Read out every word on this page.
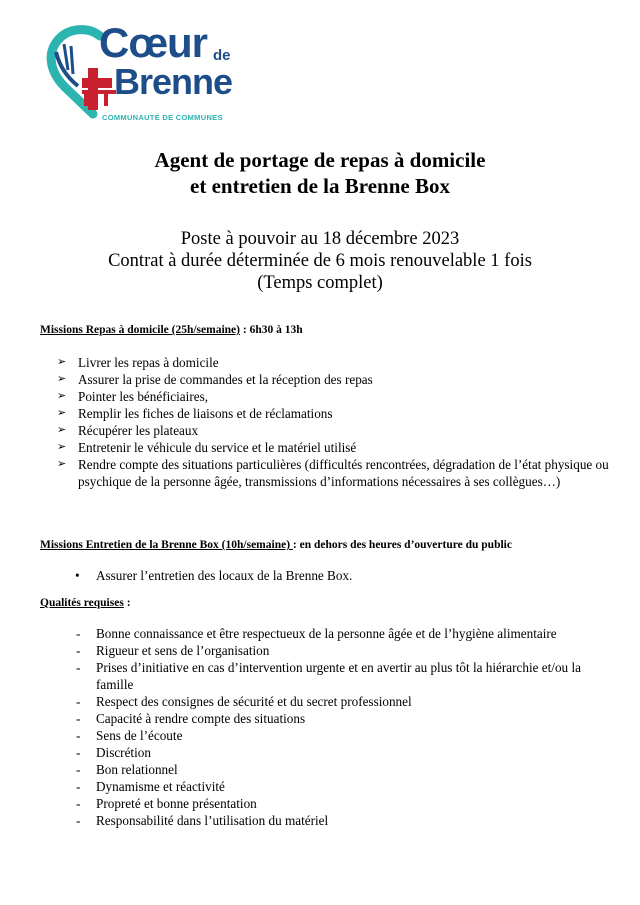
Cœur de
Brenne
COMMUNAUTÉ DE COMMUNES
Agent de portage de repas à domicile
et entretien de la Brenne Box
Poste à pouvoir au 18 décembre 2023
Contrat à durée déterminée de 6 mois renouvelable 1 fois
(Temps complet)
Missions Repas à domicile (25h/semaine) : 6h30 à 13h
➢ Livrer les repas à domicile
➢ Assurer la prise de commandes et la réception des repas
➢ Pointer les bénéficiaires,
➢ Remplir les fiches de liaisons et de réclamations
➢ Récupérer les plateaux
➢ Entretenir le véhicule du service et le matériel utilisé
➢ Rendre compte des situations particulières (difficultés rencontrées, dégradation de l’état physique ou psychique de la personne âgée, transmissions d’informations nécessaires à ses collègues…)
Missions Entretien de la Brenne Box (10h/semaine) : en dehors des heures d’ouverture du public
• Assurer l’entretien des locaux de la Brenne Box.
Qualités requises :
- Bonne connaissance et être respectueux de la personne âgée et de l’hygiène alimentaire
- Rigueur et sens de l’organisation
- Prises d’initiative en cas d’intervention urgente et en avertir au plus tôt la hiérarchie et/ou la famille
- Respect des consignes de sécurité et du secret professionnel
- Capacité à rendre compte des situations
- Sens de l’écoute
- Discrétion
- Bon relationnel
- Dynamisme et réactivité
- Propreté et bonne présentation
- Responsabilité dans l’utilisation du matériel
